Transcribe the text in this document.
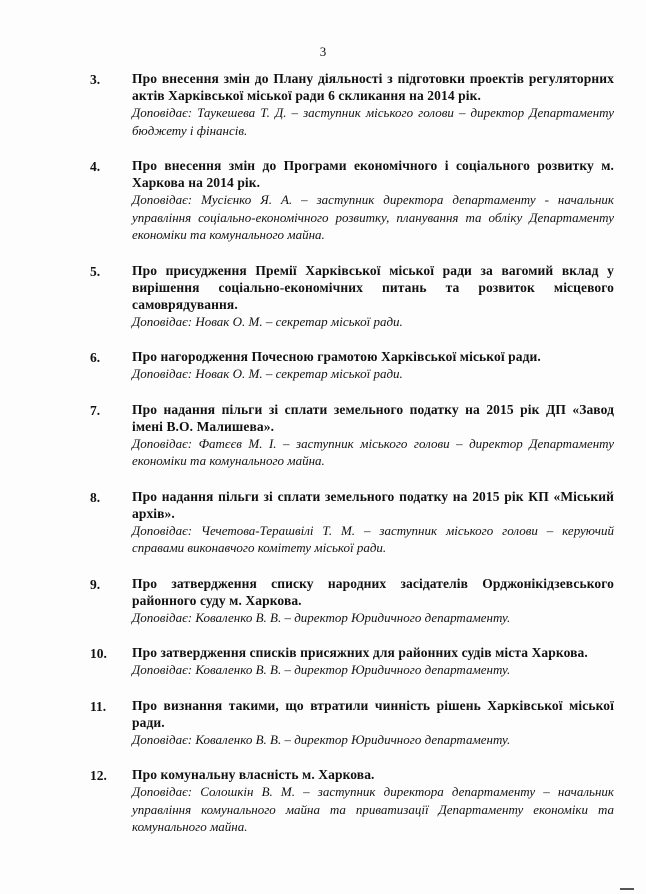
3
3. Про внесення змін до Плану діяльності з підготовки проектів регуляторних актів Харківської міської ради 6 скликання на 2014 рік.

Доповідає: Таукешева Т. Д. – заступник міського голови – директор Департаменту бюджету і фінансів.

4. Про внесення змін до Програми економічного і соціального розвитку м. Харкова на 2014 рік.

Доповідає: Мусієнко Я. А. – заступник директора департаменту - начальник управління соціально-економічного розвитку, планування та обліку Департаменту економіки та комунального майна.

5. Про присудження Премії Харківської міської ради за вагомий вклад у вирішення соціально-економічних питань та розвиток місцевого самоврядування.

Доповідає: Новак О. М. – секретар міської ради.

6. Про нагородження Почесною грамотою Харківської міської ради.

Доповідає: Новак О. М. – секретар міської ради.

7. Про надання пільги зі сплати земельного податку на 2015 рік ДП «Завод імені В.О. Малишева».

Доповідає: Фатєєв М. І. – заступник міського голови – директор Департаменту економіки та комунального майна.

8. Про надання пільги зі сплати земельного податку на 2015 рік КП «Міський архів».

Доповідає: Чечетова-Терашвілі Т. М. – заступник міського голови – керуючий справами виконавчого комітету міської ради.

9. Про затвердження списку народних засідателів Орджонікідзевського районного суду м. Харкова.

Доповідає: Коваленко В. В. – директор Юридичного департаменту.

10. Про затвердження списків присяжних для районних судів міста Харкова.

Доповідає: Коваленко В. В. – директор Юридичного департаменту.

11. Про визнання такими, що втратили чинність рішень Харківської міської ради.

Доповідає: Коваленко В. В. – директор Юридичного департаменту.

12. Про комунальну власність м. Харкова.

Доповідає: Солошкін В. М. – заступник директора департаменту – начальник управління комунального майна та приватизації Департаменту економіки та комунального майна.
